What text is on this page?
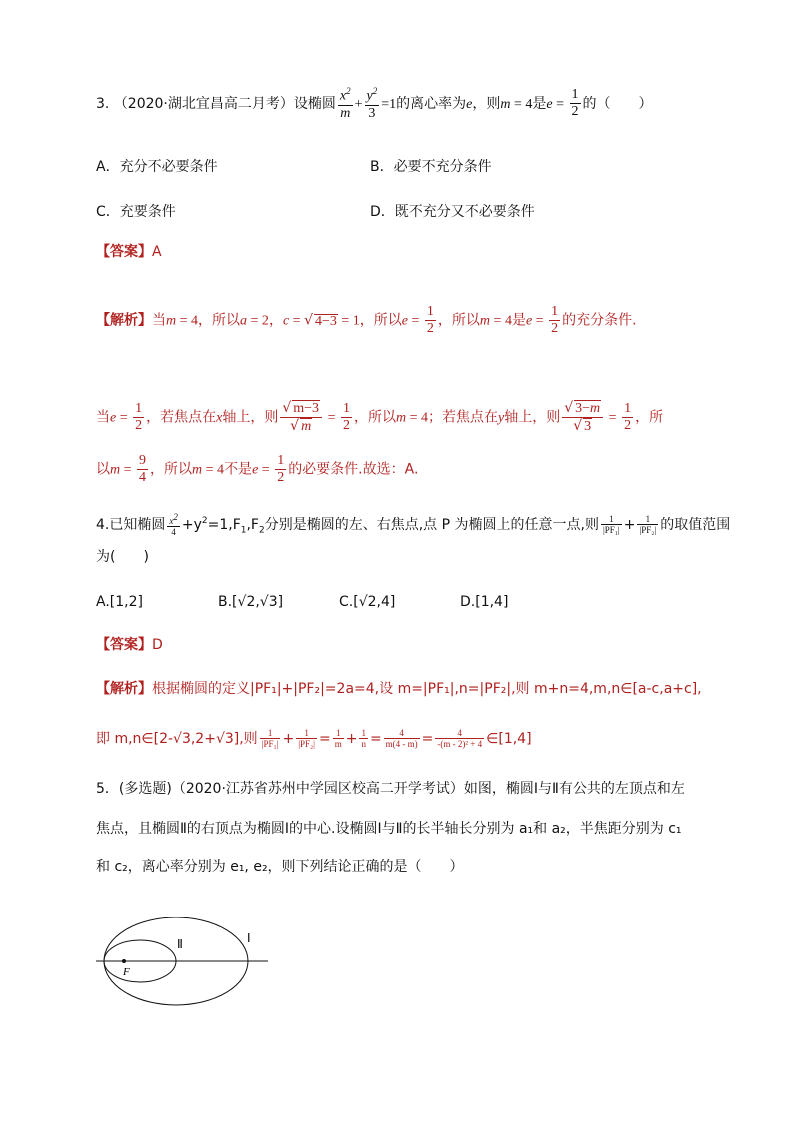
3. （2020·湖北宜昌高二月考）设椭圆 $\frac{x^2}{m} + \frac{y^2}{3} =1$的离心率为e，则m = 4是$e = \frac{1}{2}$ 的（　　）
A．充分不必要条件	B．必要不充分条件
C．充要条件	D．既不充分又不必要条件
【答案】A
【解析】当m = 4，所以a = 2，c = √ 4−3 = 1，所以$e = \frac{1}{2}$ ，所以m = 4是$e = \frac{1}{2}$ 的充分条件.
当$e = \frac{1}{2}$ ，若焦点在x轴上，则 $\frac{√ m-3}{√ m} = \frac{1}{2}$ ，所以m = 4；若焦点在y轴上，则 $\frac{√ 3-m}{√ 3} = \frac{1}{2}$ ，所
以$m = \frac{9}{4}$ ，所以m = 4不是$e = \frac{1}{2}$ 的必要条件.故选：A.
4.已知椭圆 $\frac{x2}{4} +y^2=1,F_1,F_2$分别是椭圆的左、右焦点,点 P 为椭圆上的任意一点,则 $\frac{1}{\text{|PF₁|}} + \frac{1}{\text{|PF₂|}}$ 的取值范围
为(　　)
A.[1,2]	B.[√2,√3]	C.[√2,4]	D.[1,4]
【答案】D
【解析】根据椭圆的定义|PF₁|+|PF₂|=2a=4,设 m=|PF₁|,n=|PF₂|,则 m+n=4,m,n∈[a-c,a+c],
即 m,n∈[2-√3,2+√3],则 $\frac{1}{\text{|PF₁|}} + \frac{1}{\text{|PF₂|}} = \frac{1}{m} + \frac{1}{n} = \frac{4}{m(4 - m)} = \frac{4}{\text{-(m - 2)² + 4}}$ ∈[1,4]
5．(多选题)（2020·江苏省苏州中学园区校高二开学考试）如图，椭圆Ⅰ与Ⅱ有公共的左顶点和左
焦点，且椭圆Ⅱ的右顶点为椭圆Ⅰ的中心.设椭圆Ⅰ与Ⅱ的长半轴长分别为 a₁和 a₂，半焦距分别为 c₁
和 c₂，离心率分别为 e₁, e₂，则下列结论正确的是（　　）
F
Ⅱ	Ⅰ
